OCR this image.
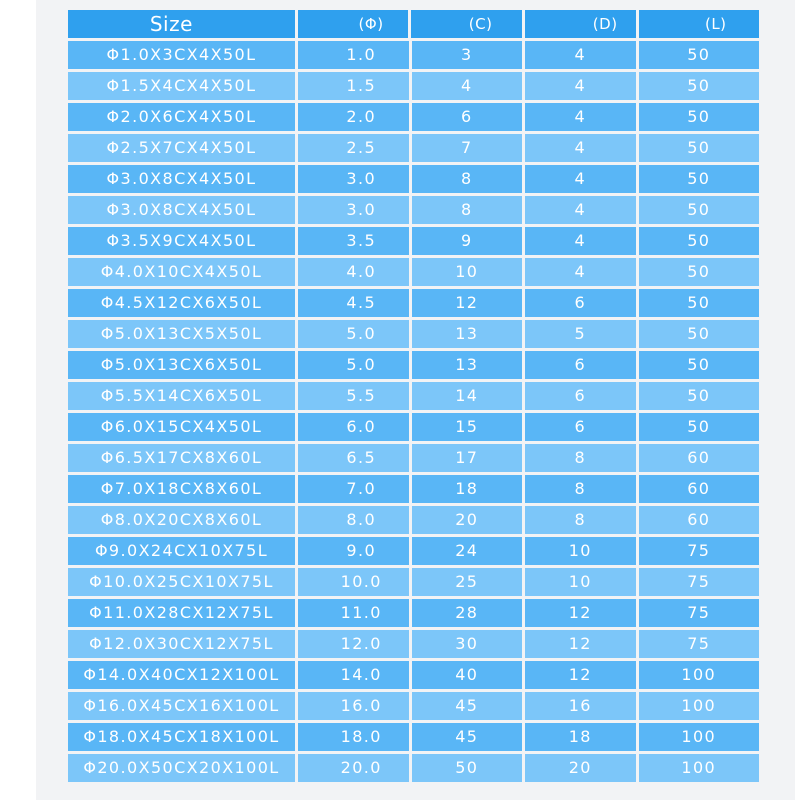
Size	(Φ)	(C)	(D)	(L)
Φ1.0X3CX4X50L	1.0	3	4	50
Φ1.5X4CX4X50L	1.5	4	4	50
Φ2.0X6CX4X50L	2.0	6	4	50
Φ2.5X7CX4X50L	2.5	7	4	50
Φ3.0X8CX4X50L	3.0	8	4	50
Φ3.0X8CX4X50L	3.0	8	4	50
Φ3.5X9CX4X50L	3.5	9	4	50
Φ4.0X10CX4X50L	4.0	10	4	50
Φ4.5X12CX6X50L	4.5	12	6	50
Φ5.0X13CX5X50L	5.0	13	5	50
Φ5.0X13CX6X50L	5.0	13	6	50
Φ5.5X14CX6X50L	5.5	14	6	50
Φ6.0X15CX4X50L	6.0	15	6	50
Φ6.5X17CX8X60L	6.5	17	8	60
Φ7.0X18CX8X60L	7.0	18	8	60
Φ8.0X20CX8X60L	8.0	20	8	60
Φ9.0X24CX10X75L	9.0	24	10	75
Φ10.0X25CX10X75L	10.0	25	10	75
Φ11.0X28CX12X75L	11.0	28	12	75
Φ12.0X30CX12X75L	12.0	30	12	75
Φ14.0X40CX12X100L	14.0	40	12	100
Φ16.0X45CX16X100L	16.0	45	16	100
Φ18.0X45CX18X100L	18.0	45	18	100
Φ20.0X50CX20X100L	20.0	50	20	100
